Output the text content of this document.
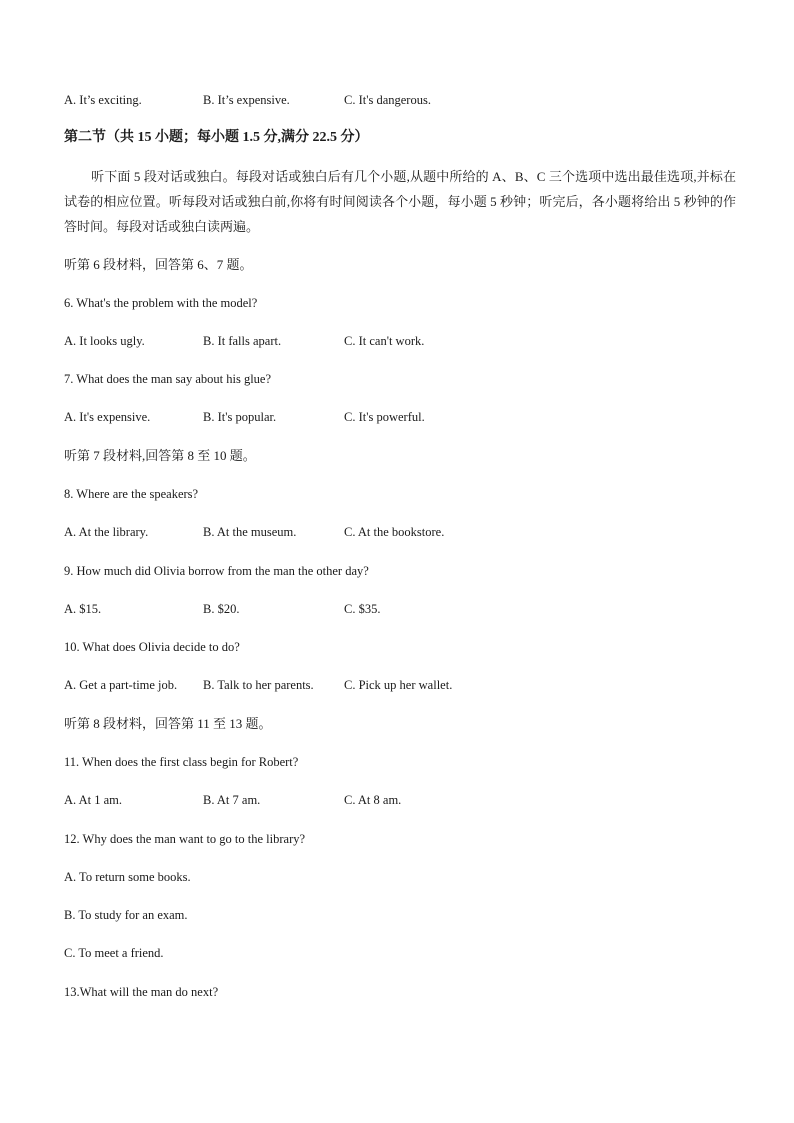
A. It’s exciting.	B. It’s expensive.	C. It's dangerous.
第二节（共 15 小题；每小题 1.5 分,满分 22.5 分）
听下面 5 段对话或独白。每段对话或独白后有几个小题,从题中所给的 A、B、C 三个选项中选出最佳选项,并标在试卷的相应位置。听每段对话或独白前,你将有时间阅读各个小题，每小题 5 秒钟；听完后，各小题将给出 5 秒钟的作答时间。每段对话或独白读两遍。
听第 6 段材料，回答第 6、7 题。
6. What's the problem with the model?
A. It looks ugly.	B. It falls apart.	C. It can't work.
7. What does the man say about his glue?
A. It's expensive.	B. It's popular.	C. It's powerful.
听第 7 段材料,回答第 8 至 10 题。
8. Where are the speakers?
A. At the library.	B. At the museum.	C. At the bookstore.
9. How much did Olivia borrow from the man the other day?
A. $15.	B. $20.	C. $35.
10. What does Olivia decide to do?
A. Get a part-time job. B. Talk to her parents. C. Pick up her wallet.
听第 8 段材料，回答第 11 至 13 题。
11. When does the first class begin for Robert?
A. At 1 am.	B. At 7 am.	C. At 8 am.
12. Why does the man want to go to the library?
A. To return some books.
B. To study for an exam.
C. To meet a friend.
13.What will the man do next?
